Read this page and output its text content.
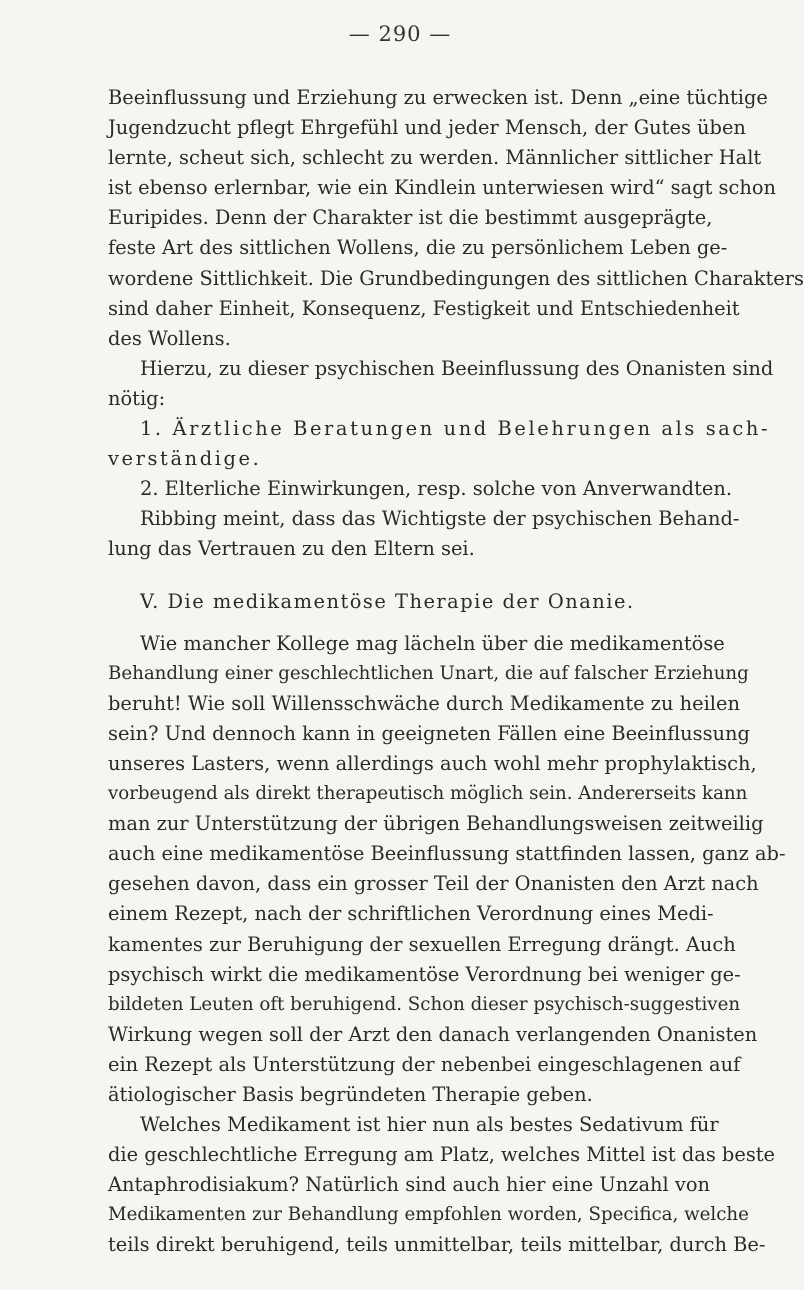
— 290 —
Beeinflussung und Erziehung zu erwecken ist. Denn „eine tüchtige
Jugendzucht pflegt Ehrgefühl und jeder Mensch, der Gutes üben
lernte, scheut sich, schlecht zu werden. Männlicher sittlicher Halt
ist ebenso erlernbar, wie ein Kindlein unterwiesen wird“ sagt schon
Euripides. Denn der Charakter ist die bestimmt ausgeprägte,
feste Art des sittlichen Wollens, die zu persönlichem Leben ge-
wordene Sittlichkeit. Die Grundbedingungen des sittlichen Charakters
sind daher Einheit, Konsequenz, Festigkeit und Entschiedenheit
des Wollens.
Hierzu, zu dieser psychischen Beeinflussung des Onanisten sind
nötig:
1. Ärztliche Beratungen und Belehrungen als sach-
verständige.
2. Elterliche Einwirkungen, resp. solche von Anverwandten.
Ribbing meint, dass das Wichtigste der psychischen Behand-
lung das Vertrauen zu den Eltern sei.
V. Die medikamentöse Therapie der Onanie.
Wie mancher Kollege mag lächeln über die medikamentöse
Behandlung einer geschlechtlichen Unart, die auf falscher Erziehung
beruht! Wie soll Willensschwäche durch Medikamente zu heilen
sein? Und dennoch kann in geeigneten Fällen eine Beeinflussung
unseres Lasters, wenn allerdings auch wohl mehr prophylaktisch,
vorbeugend als direkt therapeutisch möglich sein. Andererseits kann
man zur Unterstützung der übrigen Behandlungsweisen zeitweilig
auch eine medikamentöse Beeinflussung stattfinden lassen, ganz ab-
gesehen davon, dass ein grosser Teil der Onanisten den Arzt nach
einem Rezept, nach der schriftlichen Verordnung eines Medi-
kamentes zur Beruhigung der sexuellen Erregung drängt. Auch
psychisch wirkt die medikamentöse Verordnung bei weniger ge-
bildeten Leuten oft beruhigend. Schon dieser psychisch-suggestiven
Wirkung wegen soll der Arzt den danach verlangenden Onanisten
ein Rezept als Unterstützung der nebenbei eingeschlagenen auf
ätiologischer Basis begründeten Therapie geben.
Welches Medikament ist hier nun als bestes Sedativum für
die geschlechtliche Erregung am Platz, welches Mittel ist das beste
Antaphrodisiakum? Natürlich sind auch hier eine Unzahl von
Medikamenten zur Behandlung empfohlen worden, Specifica, welche
teils direkt beruhigend, teils unmittelbar, teils mittelbar, durch Be-
